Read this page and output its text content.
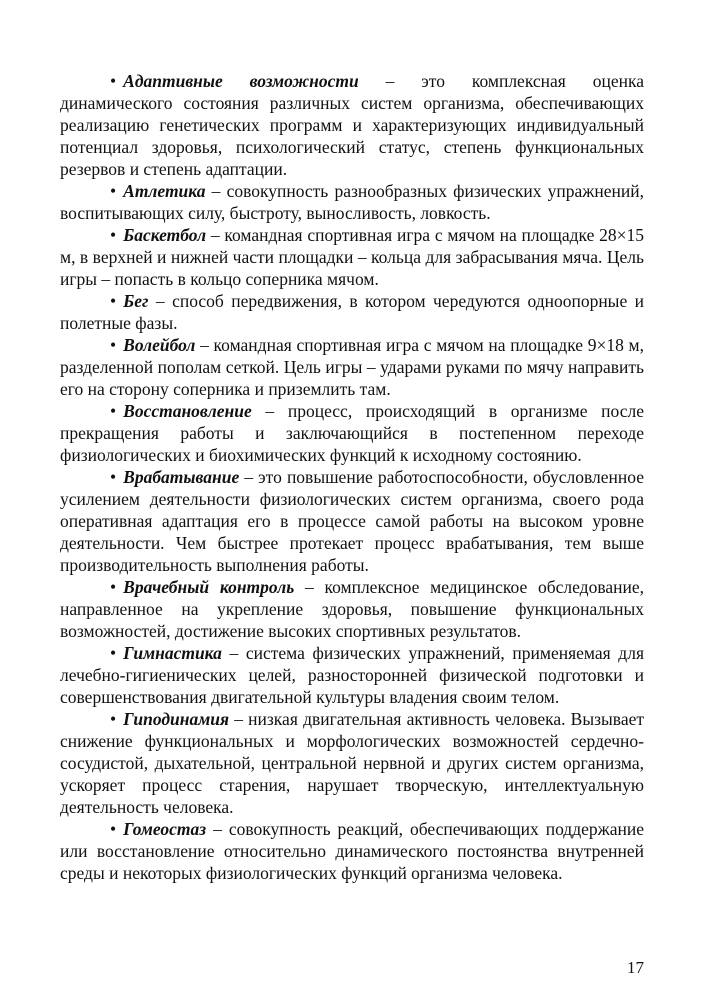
• Адаптивные возможности – это комплексная оценка динамического состояния различных систем организма, обеспечивающих реализацию генетических программ и характеризующих индивидуальный потенциал здоровья, психологический статус, степень функциональных резервов и степень адаптации.

• Атлетика – совокупность разнообразных физических упражнений, воспитывающих силу, быстроту, выносливость, ловкость.

• Баскетбол – командная спортивная игра с мячом на площадке 28×15 м, в верхней и нижней части площадки – кольца для забрасывания мяча. Цель игры – попасть в кольцо соперника мячом.

• Бег – способ передвижения, в котором чередуются одноопорные и полетные фазы.

• Волейбол – командная спортивная игра с мячом на площадке 9×18 м, разделенной пополам сеткой. Цель игры – ударами руками по мячу направить его на сторону соперника и приземлить там.

• Восстановление – процесс, происходящий в организме после прекращения работы и заключающийся в постепенном переходе физиологических и биохимических функций к исходному состоянию.

• Врабатывание – это повышение работоспособности, обусловленное усилением деятельности физиологических систем организма, своего рода оперативная адаптация его в процессе самой работы на высоком уровне деятельности. Чем быстрее протекает процесс врабатывания, тем выше производительность выполнения работы.

• Врачебный контроль – комплексное медицинское обследование, направленное на укрепление здоровья, повышение функциональных возможностей, достижение высоких спортивных результатов.

• Гимнастика – система физических упражнений, применяемая для лечебно-гигиенических целей, разносторонней физической подготовки и совершенствования двигательной культуры владения своим телом.

• Гиподинамия – низкая двигательная активность человека. Вызывает снижение функциональных и морфологических возможностей сердечно-сосудистой, дыхательной, центральной нервной и других систем организма, ускоряет процесс старения, нарушает творческую, интеллектуальную деятельность человека.

• Гомеостаз – совокупность реакций, обеспечивающих поддержание или восстановление относительно динамического постоянства внутренней среды и некоторых физиологических функций организма человека.

17
